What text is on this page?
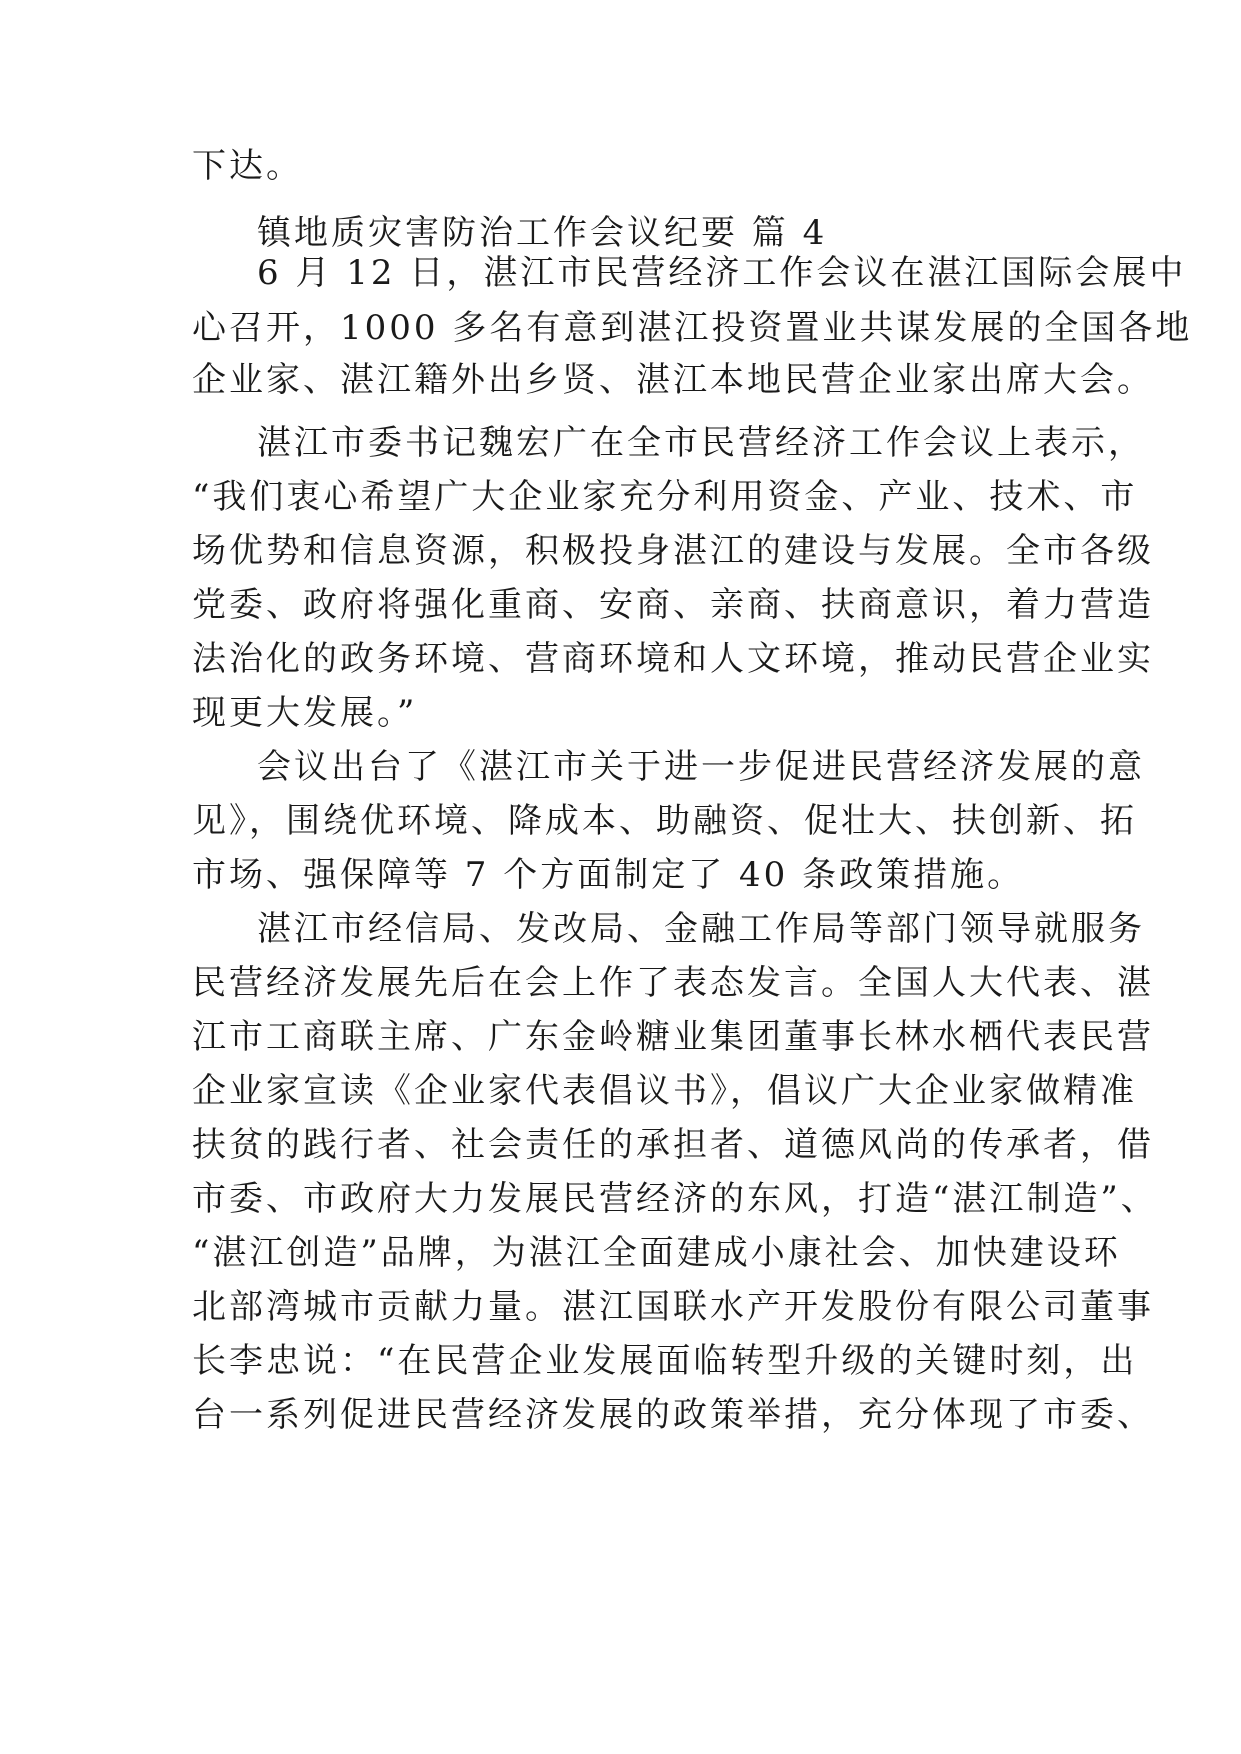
下达。
镇地质灾害防治工作会议纪要 篇 4
6 月 12 日，湛江市民营经济工作会议在湛江国际会展中
心召开，1000 多名有意到湛江投资置业共谋发展的全国各地
企业家、湛江籍外出乡贤、湛江本地民营企业家出席大会。
湛江市委书记魏宏广在全市民营经济工作会议上表示，
“我们衷心希望广大企业家充分利用资金、产业、技术、市
场优势和信息资源，积极投身湛江的建设与发展。全市各级
党委、政府将强化重商、安商、亲商、扶商意识，着力营造
法治化的政务环境、营商环境和人文环境，推动民营企业实
现更大发展。”
会议出台了《湛江市关于进一步促进民营经济发展的意
见》，围绕优环境、降成本、助融资、促壮大、扶创新、拓
市场、强保障等 7 个方面制定了 40 条政策措施。
湛江市经信局、发改局、金融工作局等部门领导就服务
民营经济发展先后在会上作了表态发言。全国人大代表、湛
江市工商联主席、广东金岭糖业集团董事长林水栖代表民营
企业家宣读《企业家代表倡议书》，倡议广大企业家做精准
扶贫的践行者、社会责任的承担者、道德风尚的传承者，借
市委、市政府大力发展民营经济的东风，打造“湛江制造”、
“湛江创造”品牌，为湛江全面建成小康社会、加快建设环
北部湾城市贡献力量。湛江国联水产开发股份有限公司董事
长李忠说：“在民营企业发展面临转型升级的关键时刻，出
台一系列促进民营经济发展的政策举措，充分体现了市委、
